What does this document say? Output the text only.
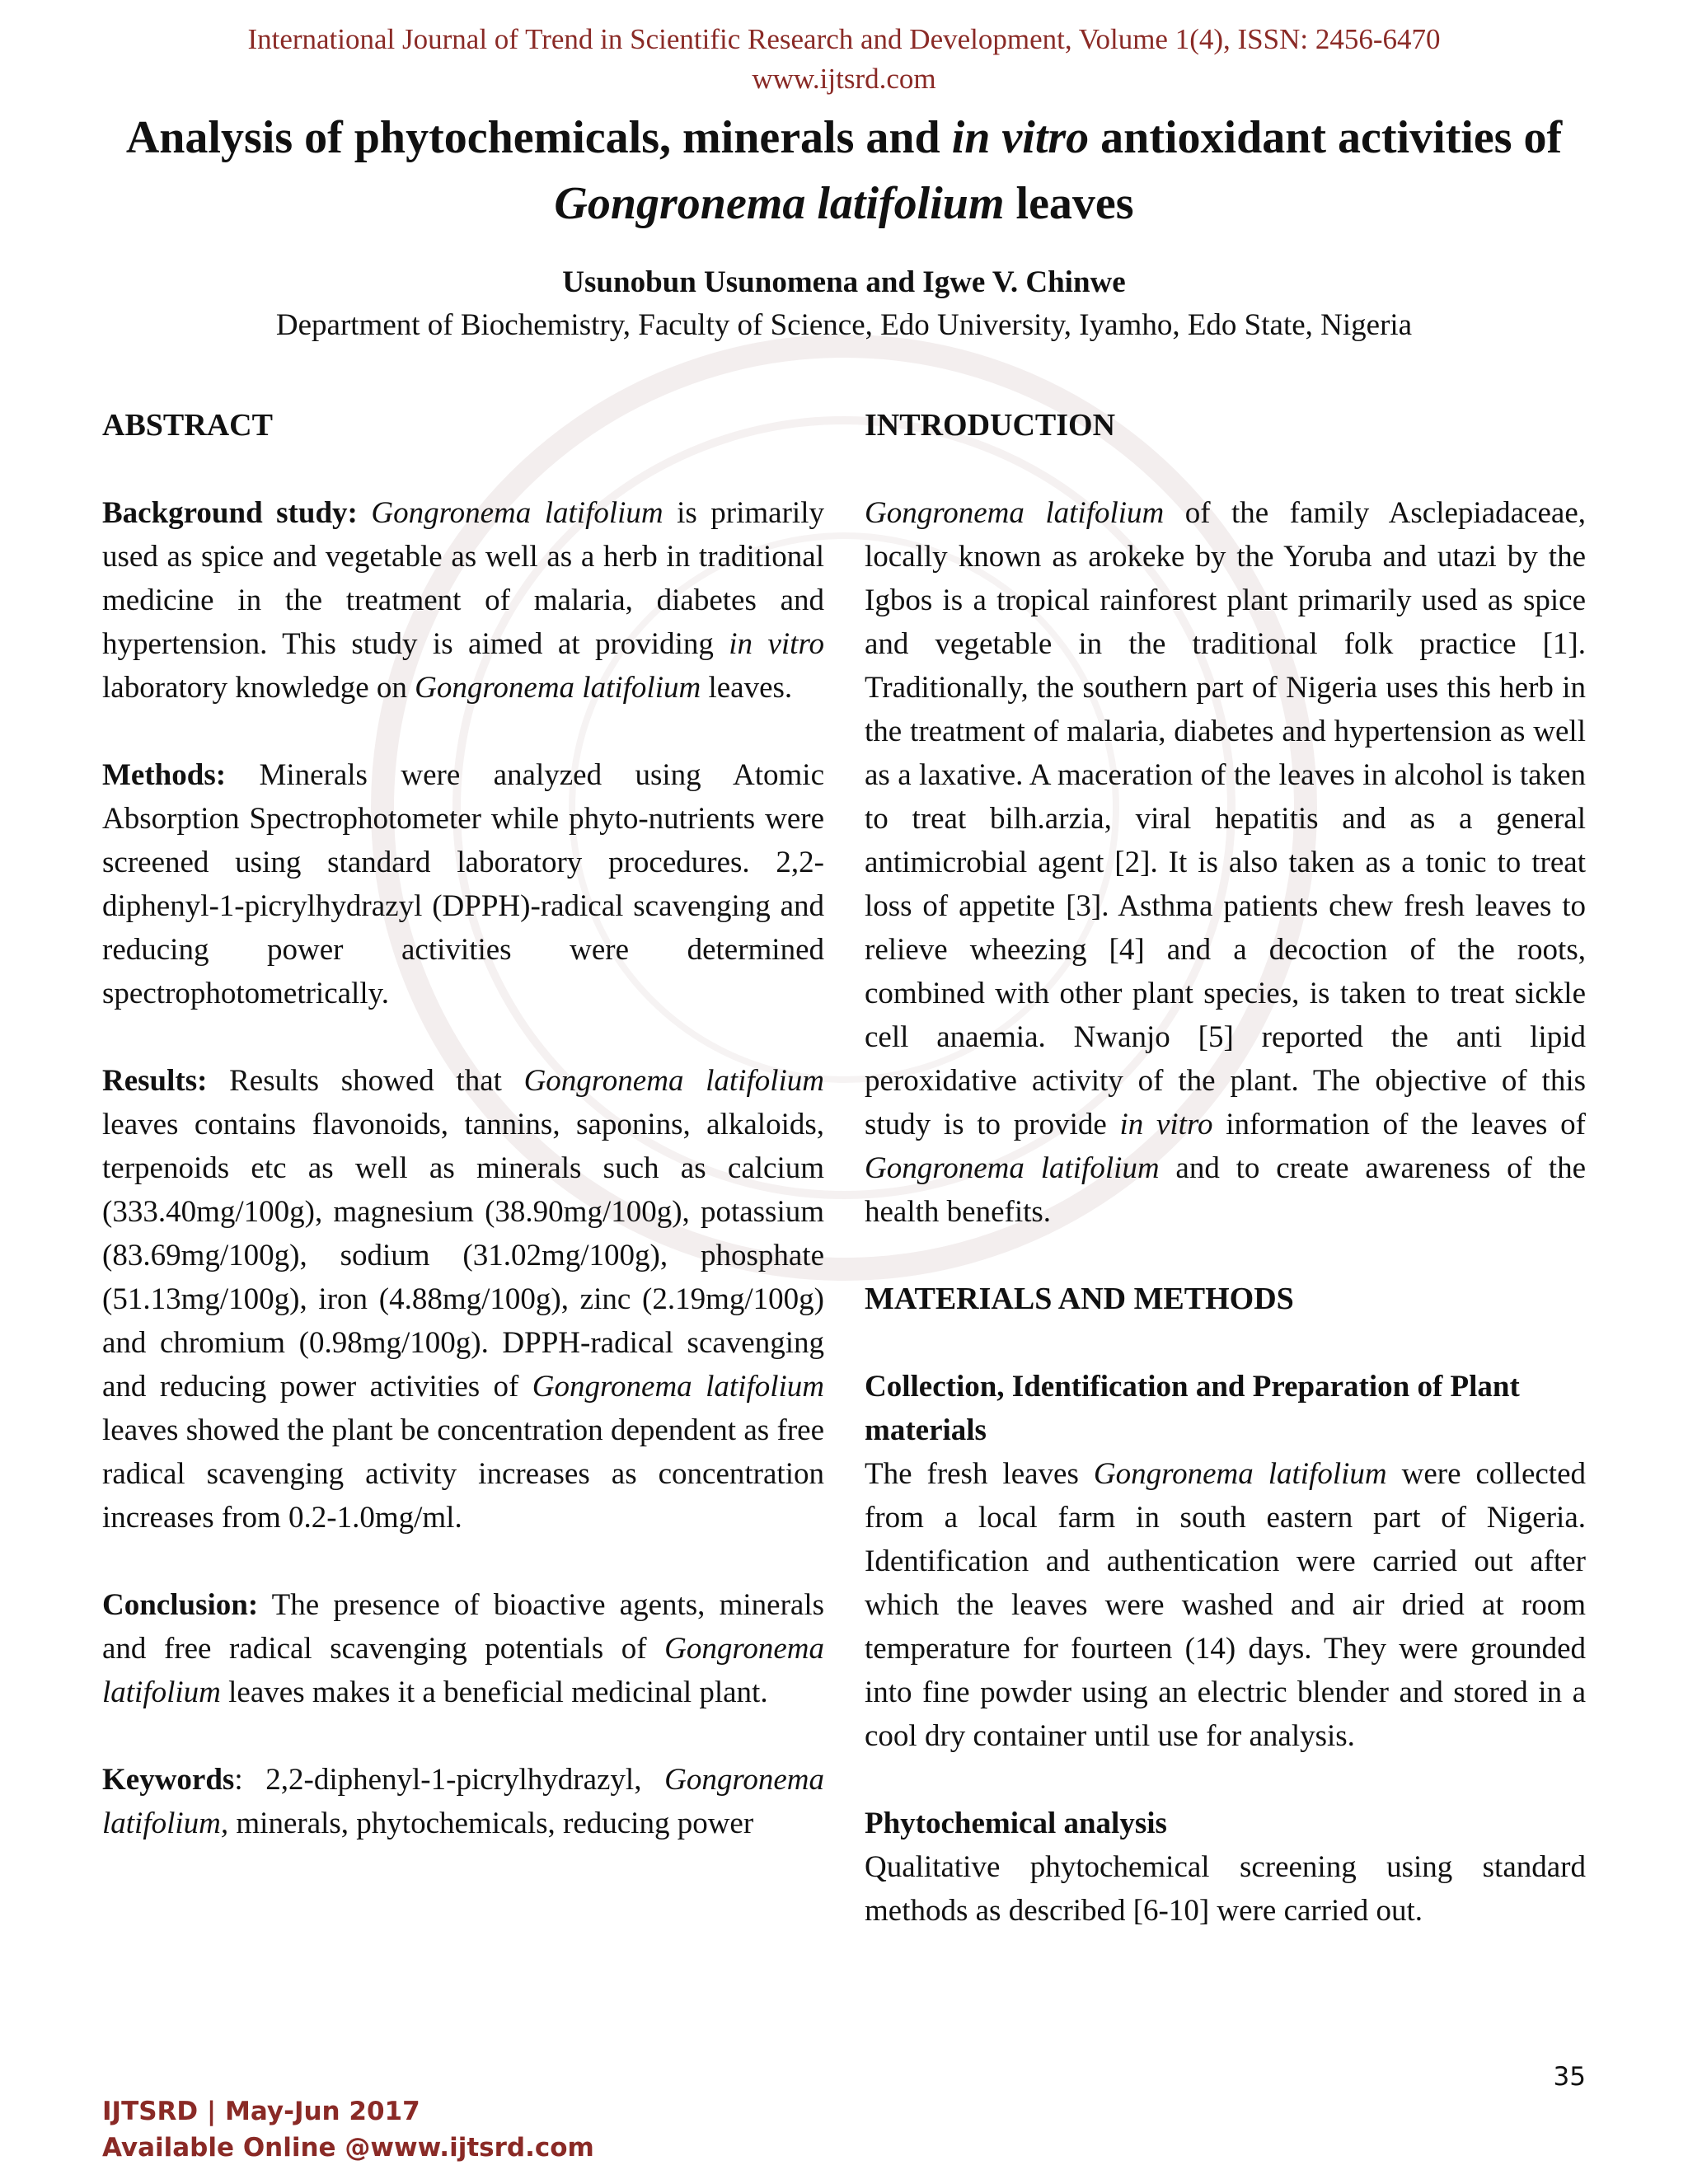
International Journal of Trend in Scientific Research and Development, Volume 1(4), ISSN: 2456-6470
www.ijtsrd.com
Analysis of phytochemicals, minerals and in vitro antioxidant activities of
Gongronema latifolium leaves
Usunobun Usunomena and Igwe V. Chinwe
Department of Biochemistry, Faculty of Science, Edo University, Iyamho, Edo State, Nigeria

ABSTRACT

Background study: Gongronema latifolium is primarily used as spice and vegetable as well as a herb in traditional medicine in the treatment of malaria, diabetes and hypertension. This study is aimed at providing in vitro laboratory knowledge on Gongronema latifolium leaves.

Methods: Minerals were analyzed using Atomic Absorption Spectrophotometer while phyto-nutrients were screened using standard laboratory procedures. 2,2-diphenyl-1-picrylhydrazyl (DPPH)-radical scavenging and reducing power activities were determined spectrophotometrically.

Results: Results showed that Gongronema latifolium leaves contains flavonoids, tannins, saponins, alkaloids, terpenoids etc as well as minerals such as calcium (333.40mg/100g), magnesium (38.90mg/100g), potassium (83.69mg/100g), sodium (31.02mg/100g), phosphate (51.13mg/100g), iron (4.88mg/100g), zinc (2.19mg/100g) and chromium (0.98mg/100g). DPPH-radical scavenging and reducing power activities of Gongronema latifolium leaves showed the plant be concentration dependent as free radical scavenging activity increases as concentration increases from 0.2-1.0mg/ml.

Conclusion: The presence of bioactive agents, minerals and free radical scavenging potentials of Gongronema latifolium leaves makes it a beneficial medicinal plant.

Keywords: 2,2-diphenyl-1-picrylhydrazyl, Gongronema latifolium, minerals, phytochemicals, reducing power

INTRODUCTION

Gongronema latifolium of the family Asclepiadaceae, locally known as arokeke by the Yoruba and utazi by the Igbos is a tropical rainforest plant primarily used as spice and vegetable in the traditional folk practice [1]. Traditionally, the southern part of Nigeria uses this herb in the treatment of malaria, diabetes and hypertension as well as a laxative. A maceration of the leaves in alcohol is taken to treat bilh.arzia, viral hepatitis and as a general antimicrobial agent [2]. It is also taken as a tonic to treat loss of appetite [3]. Asthma patients chew fresh leaves to relieve wheezing [4] and a decoction of the roots, combined with other plant species, is taken to treat sickle cell anaemia. Nwanjo [5] reported the anti lipid peroxidative activity of the plant. The objective of this study is to provide in vitro information of the leaves of Gongronema latifolium and to create awareness of the health benefits.

MATERIALS AND METHODS

Collection, Identification and Preparation of Plant materials

The fresh leaves Gongronema latifolium were collected from a local farm in south eastern part of Nigeria. Identification and authentication were carried out after which the leaves were washed and air dried at room temperature for fourteen (14) days. They were grounded into fine powder using an electric blender and stored in a cool dry container until use for analysis.

Phytochemical analysis

Qualitative phytochemical screening using standard methods as described [6-10] were carried out.

35
IJTSRD | May-Jun 2017
Available Online @www.ijtsrd.com
